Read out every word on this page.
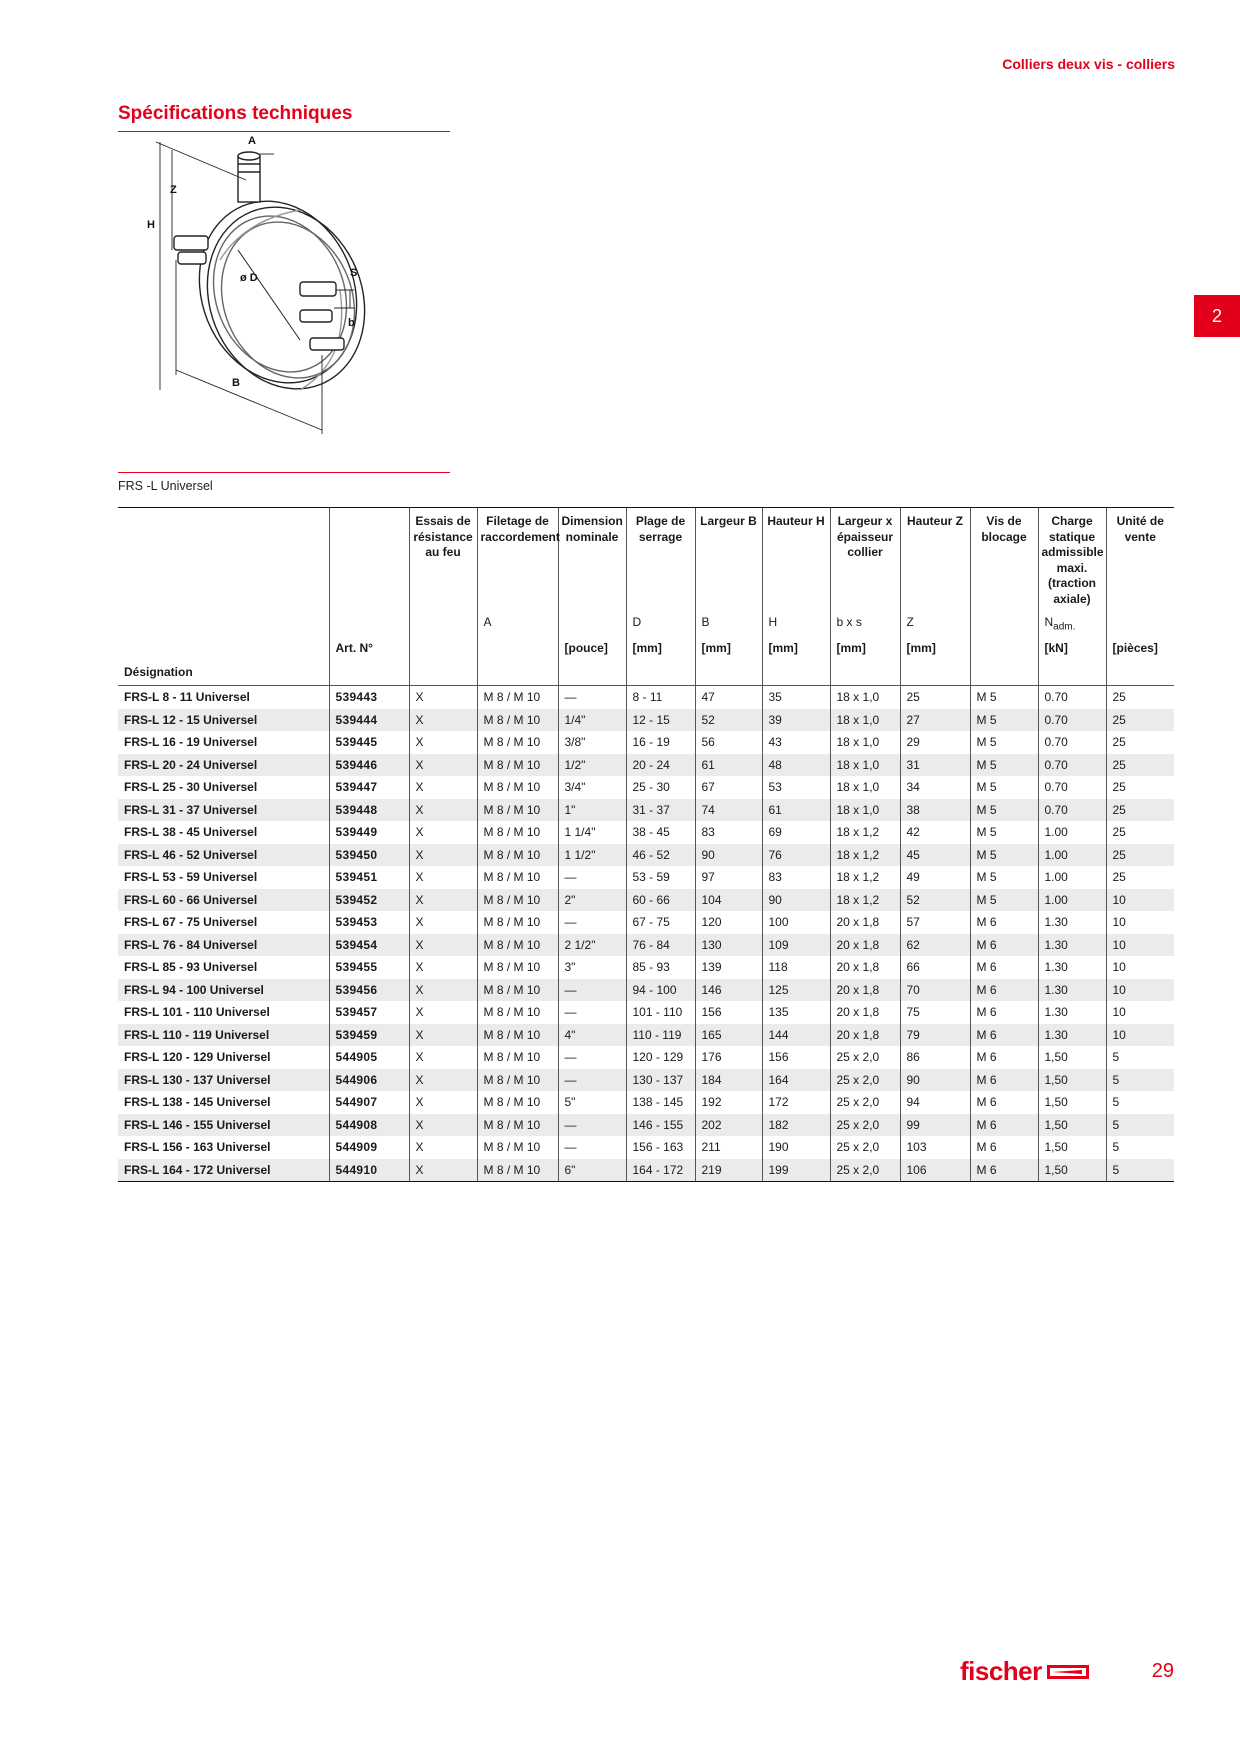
Colliers deux vis - colliers
2
Spécifications techniques
A
Z
H
ø D	S
b
B
FRS -L Universel
		Essais de résistance au feu	Filetage de raccordement	Dimension nominale	Plage de serrage	Largeur B	Hauteur H	Largeur x épaisseur collier	Hauteur Z	Vis de blocage	Charge statique admissible maxi. (traction axiale)	Unité de vente
			A		D	B	H	b x s	Z		$N_{adm.}$	
	Art. N°			[pouce]	[mm]	[mm]	[mm]	[mm]	[mm]		[kN]	[pièces]
Désignation												
FRS-L 8 - 11 Universel	539443	X	M 8 / M 10	—	8 - 11	47	35	18 x 1,0	25	M 5	0.70	25
FRS-L 12 - 15 Universel	539444	X	M 8 / M 10	1/4"	12 - 15	52	39	18 x 1,0	27	M 5	0.70	25
FRS-L 16 - 19 Universel	539445	X	M 8 / M 10	3/8"	16 - 19	56	43	18 x 1,0	29	M 5	0.70	25
FRS-L 20 - 24 Universel	539446	X	M 8 / M 10	1/2"	20 - 24	61	48	18 x 1,0	31	M 5	0.70	25
FRS-L 25 - 30 Universel	539447	X	M 8 / M 10	3/4"	25 - 30	67	53	18 x 1,0	34	M 5	0.70	25
FRS-L 31 - 37 Universel	539448	X	M 8 / M 10	1"	31 - 37	74	61	18 x 1,0	38	M 5	0.70	25
FRS-L 38 - 45 Universel	539449	X	M 8 / M 10	1 1/4"	38 - 45	83	69	18 x 1,2	42	M 5	1.00	25
FRS-L 46 - 52 Universel	539450	X	M 8 / M 10	1 1/2"	46 - 52	90	76	18 x 1,2	45	M 5	1.00	25
FRS-L 53 - 59 Universel	539451	X	M 8 / M 10	—	53 - 59	97	83	18 x 1,2	49	M 5	1.00	25
FRS-L 60 - 66 Universel	539452	X	M 8 / M 10	2"	60 - 66	104	90	18 x 1,2	52	M 5	1.00	10
FRS-L 67 - 75 Universel	539453	X	M 8 / M 10	—	67 - 75	120	100	20 x 1,8	57	M 6	1.30	10
FRS-L 76 - 84 Universel	539454	X	M 8 / M 10	2 1/2"	76 - 84	130	109	20 x 1,8	62	M 6	1.30	10
FRS-L 85 - 93 Universel	539455	X	M 8 / M 10	3"	85 - 93	139	118	20 x 1,8	66	M 6	1.30	10
FRS-L 94 - 100 Universel	539456	X	M 8 / M 10	—	94 - 100	146	125	20 x 1,8	70	M 6	1.30	10
FRS-L 101 - 110 Universel	539457	X	M 8 / M 10	—	101 - 110	156	135	20 x 1,8	75	M 6	1.30	10
FRS-L 110 - 119 Universel	539459	X	M 8 / M 10	4"	110 - 119	165	144	20 x 1,8	79	M 6	1.30	10
FRS-L 120 - 129 Universel	544905	X	M 8 / M 10	—	120 - 129	176	156	25 x 2,0	86	M 6	1,50	5
FRS-L 130 - 137 Universel	544906	X	M 8 / M 10	—	130 - 137	184	164	25 x 2,0	90	M 6	1,50	5
FRS-L 138 - 145 Universel	544907	X	M 8 / M 10	5"	138 - 145	192	172	25 x 2,0	94	M 6	1,50	5
FRS-L 146 - 155 Universel	544908	X	M 8 / M 10	—	146 - 155	202	182	25 x 2,0	99	M 6	1,50	5
FRS-L 156 - 163 Universel	544909	X	M 8 / M 10	—	156 - 163	211	190	25 x 2,0	103	M 6	1,50	5
FRS-L 164 - 172 Universel	544910	X	M 8 / M 10	6"	164 - 172	219	199	25 x 2,0	106	M 6	1,50	5
fischer	29
